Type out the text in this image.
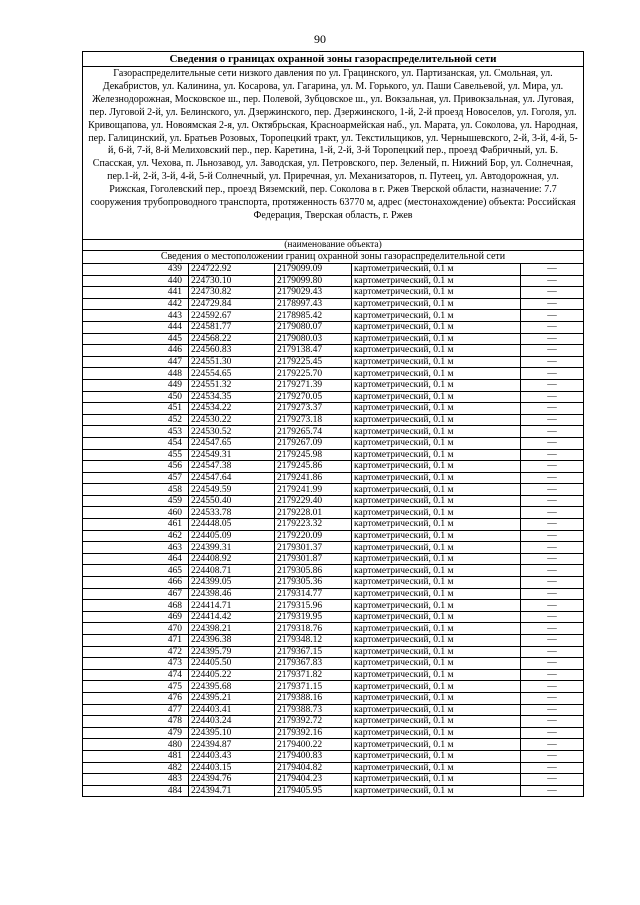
90
Сведения о границах охранной зоны газораспределительной сети
Газораспределительные сети низкого давления по ул. Грацинского, ул. Партизанская, ул. Смольная, ул. Декабристов, ул. Калинина, ул. Косарова, ул. Гагарина, ул. М. Горького, ул. Паши Савельевой, ул. Мира, ул. Железнодорожная, Московское ш., пер. Полевой, Зубцовское ш., ул. Вокзальная, ул. Привокзальная, ул. Луговая, пер. Луговой 2-й, ул. Белинского, ул. Дзержинского, пер. Дзержинского, 1-й, 2-й проезд Новоселов, ул. Гоголя, ул. Кривощапова, ул. Новоямская 2-я, ул. Октябрьская, Красноармейская наб., ул. Марата, ул. Соколова, ул. Народная, пер. Галицинский, ул. Братьев Розовых, Торопецкий тракт, ул. Текстильщиков, ул. Чернышевского, 2-й, 3-й, 4-й, 5-й, 6-й, 7-й, 8-й Мелиховский пер., пер. Каретина, 1-й, 2-й, 3-й Торопецкий пер., проезд Фабричный, ул. Б. Спасская, ул. Чехова, п. Льнозавод, ул. Заводская, ул. Петровского, пер. Зеленый, п. Нижний Бор, ул. Солнечная, пер.1-й, 2-й, 3-й, 4-й, 5-й Солнечный, ул. Приречная, ул. Механизаторов, п. Путеец, ул. Автодорожная, ул. Рижская, Гоголевский пер., проезд Вяземский, пер. Соколова в г. Ржев Тверской области, назначение: 7.7 сооружения трубопроводного транспорта, протяженность 63770 м, адрес (местонахождение) объекта: Российская Федерация, Тверская область, г. Ржев
(наименование объекта)
Сведения о местоположении границ охранной зоны газораспределительной сети
439	224722.92	2179099.09	картометрический, 0.1 м	—
440	224730.10	2179099.80	картометрический, 0.1 м	—
441	224730.82	2179029.43	картометрический, 0.1 м	—
442	224729.84	2178997.43	картометрический, 0.1 м	—
443	224592.67	2178985.42	картометрический, 0.1 м	—
444	224581.77	2179080.07	картометрический, 0.1 м	—
445	224568.22	2179080.03	картометрический, 0.1 м	—
446	224560.83	2179138.47	картометрический, 0.1 м	—
447	224551.30	2179225.45	картометрический, 0.1 м	—
448	224554.65	2179225.70	картометрический, 0.1 м	—
449	224551.32	2179271.39	картометрический, 0.1 м	—
450	224534.35	2179270.05	картометрический, 0.1 м	—
451	224534.22	2179273.37	картометрический, 0.1 м	—
452	224530.22	2179273.18	картометрический, 0.1 м	—
453	224530.52	2179265.74	картометрический, 0.1 м	—
454	224547.65	2179267.09	картометрический, 0.1 м	—
455	224549.31	2179245.98	картометрический, 0.1 м	—
456	224547.38	2179245.86	картометрический, 0.1 м	—
457	224547.64	2179241.86	картометрический, 0.1 м	—
458	224549.59	2179241.99	картометрический, 0.1 м	—
459	224550.40	2179229.40	картометрический, 0.1 м	—
460	224533.78	2179228.01	картометрический, 0.1 м	—
461	224448.05	2179223.32	картометрический, 0.1 м	—
462	224405.09	2179220.09	картометрический, 0.1 м	—
463	224399.31	2179301.37	картометрический, 0.1 м	—
464	224408.92	2179301.87	картометрический, 0.1 м	—
465	224408.71	2179305.86	картометрический, 0.1 м	—
466	224399.05	2179305.36	картометрический, 0.1 м	—
467	224398.46	2179314.77	картометрический, 0.1 м	—
468	224414.71	2179315.96	картометрический, 0.1 м	—
469	224414.42	2179319.95	картометрический, 0.1 м	—
470	224398.21	2179318.76	картометрический, 0.1 м	—
471	224396.38	2179348.12	картометрический, 0.1 м	—
472	224395.79	2179367.15	картометрический, 0.1 м	—
473	224405.50	2179367.83	картометрический, 0.1 м	—
474	224405.22	2179371.82	картометрический, 0.1 м	—
475	224395.68	2179371.15	картометрический, 0.1 м	—
476	224395.21	2179388.16	картометрический, 0.1 м	—
477	224403.41	2179388.73	картометрический, 0.1 м	—
478	224403.24	2179392.72	картометрический, 0.1 м	—
479	224395.10	2179392.16	картометрический, 0.1 м	—
480	224394.87	2179400.22	картометрический, 0.1 м	—
481	224403.43	2179400.83	картометрический, 0.1 м	—
482	224403.15	2179404.82	картометрический, 0.1 м	—
483	224394.76	2179404.23	картометрический, 0.1 м	—
484	224394.71	2179405.95	картометрический, 0.1 м	—
